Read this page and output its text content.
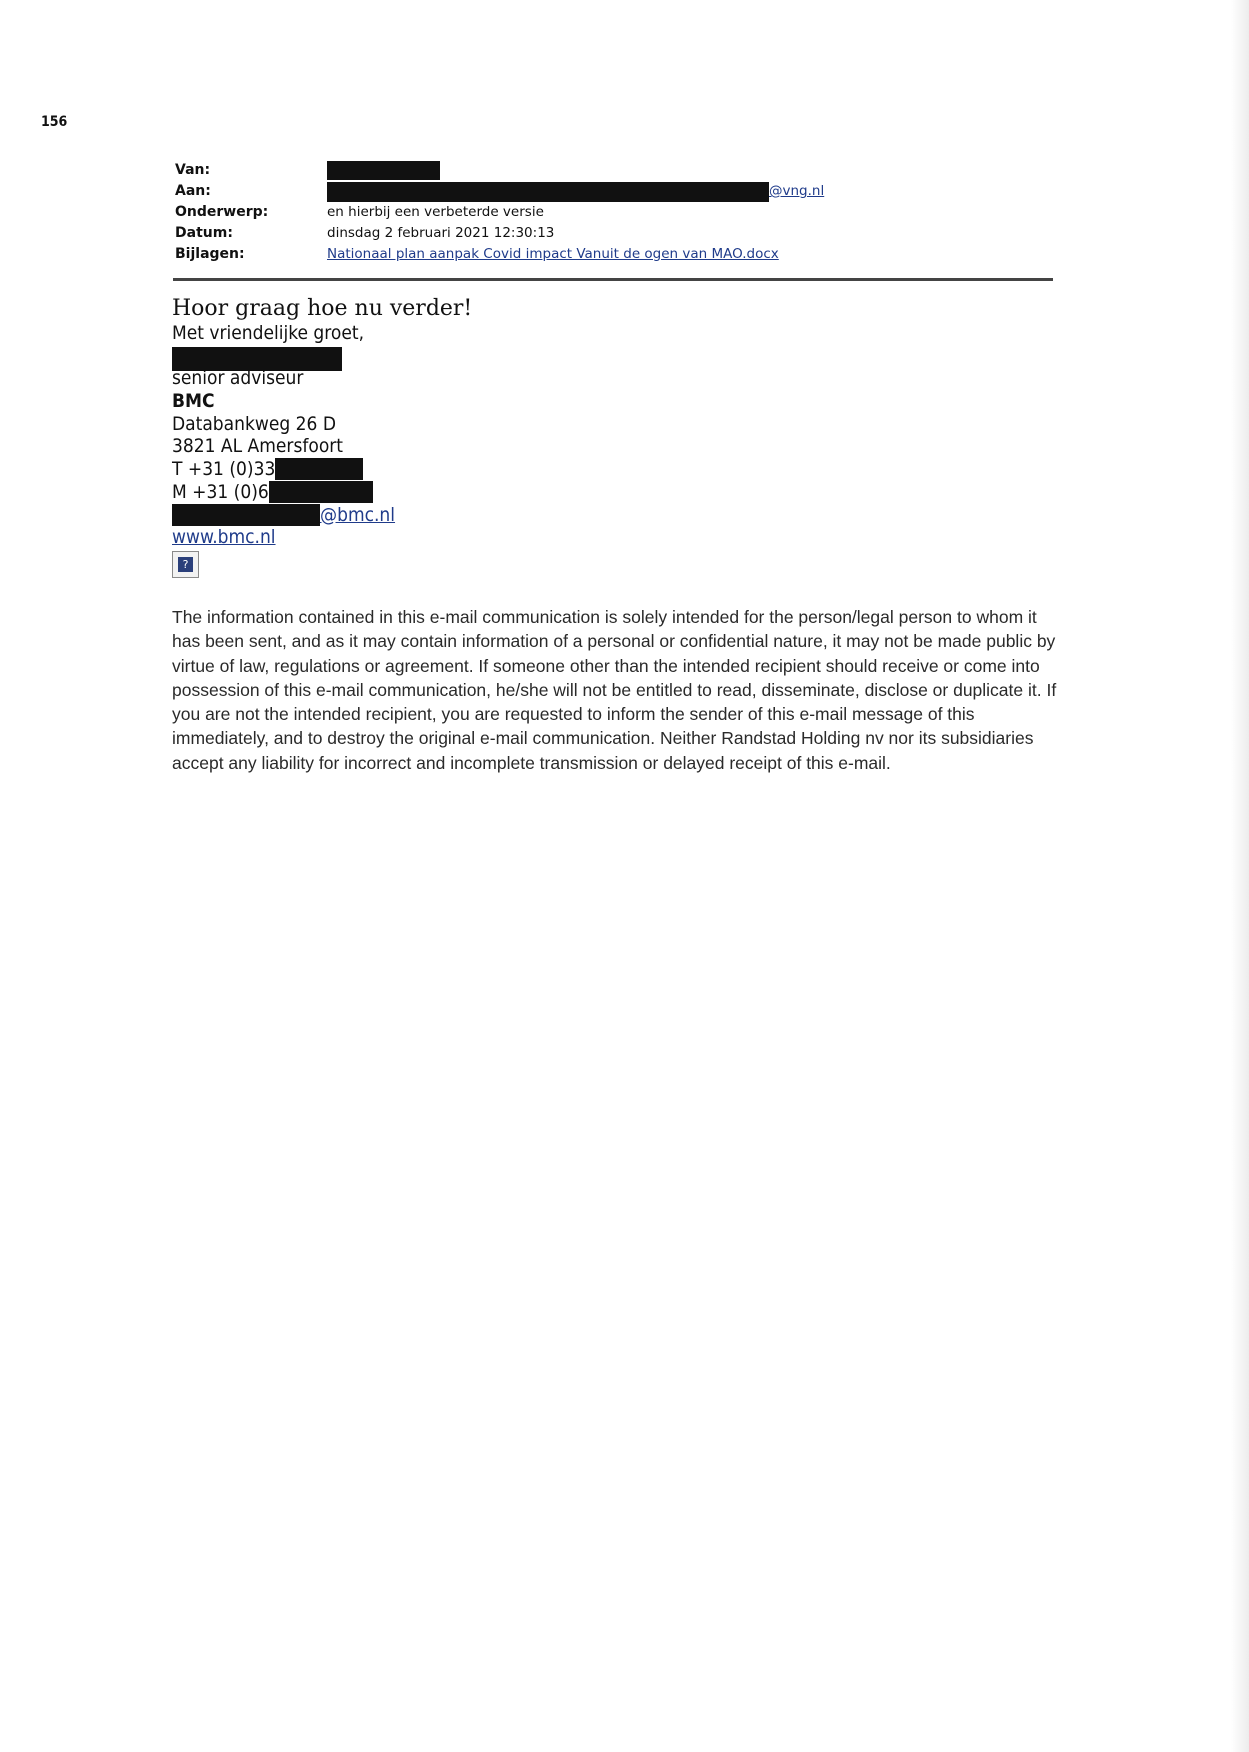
156
Van:
Aan:	@vng.nl
Onderwerp:	en hierbij een verbeterde versie
Datum:	dinsdag 2 februari 2021 12:30:13
Bijlagen:	Nationaal plan aanpak Covid impact Vanuit de ogen van MAO.docx
Hoor graag hoe nu verder!
Met vriendelijke groet,
senior adviseur
BMC
Databankweg 26 D
3821 AL Amersfoort
T +31 (0)33
M +31 (0)6
@bmc.nl
www.bmc.nl
?
The information contained in this e-mail communication is solely intended for the person/legal person to whom it has been sent, and as it may contain information of a personal or confidential nature, it may not be made public by virtue of law, regulations or agreement. If someone other than the intended recipient should receive or come into possession of this e-mail communication, he/she will not be entitled to read, disseminate, disclose or duplicate it. If you are not the intended recipient, you are requested to inform the sender of this e-mail message of this immediately, and to destroy the original e-mail communication. Neither Randstad Holding nv nor its subsidiaries accept any liability for incorrect and incomplete transmission or delayed receipt of this e-mail.
